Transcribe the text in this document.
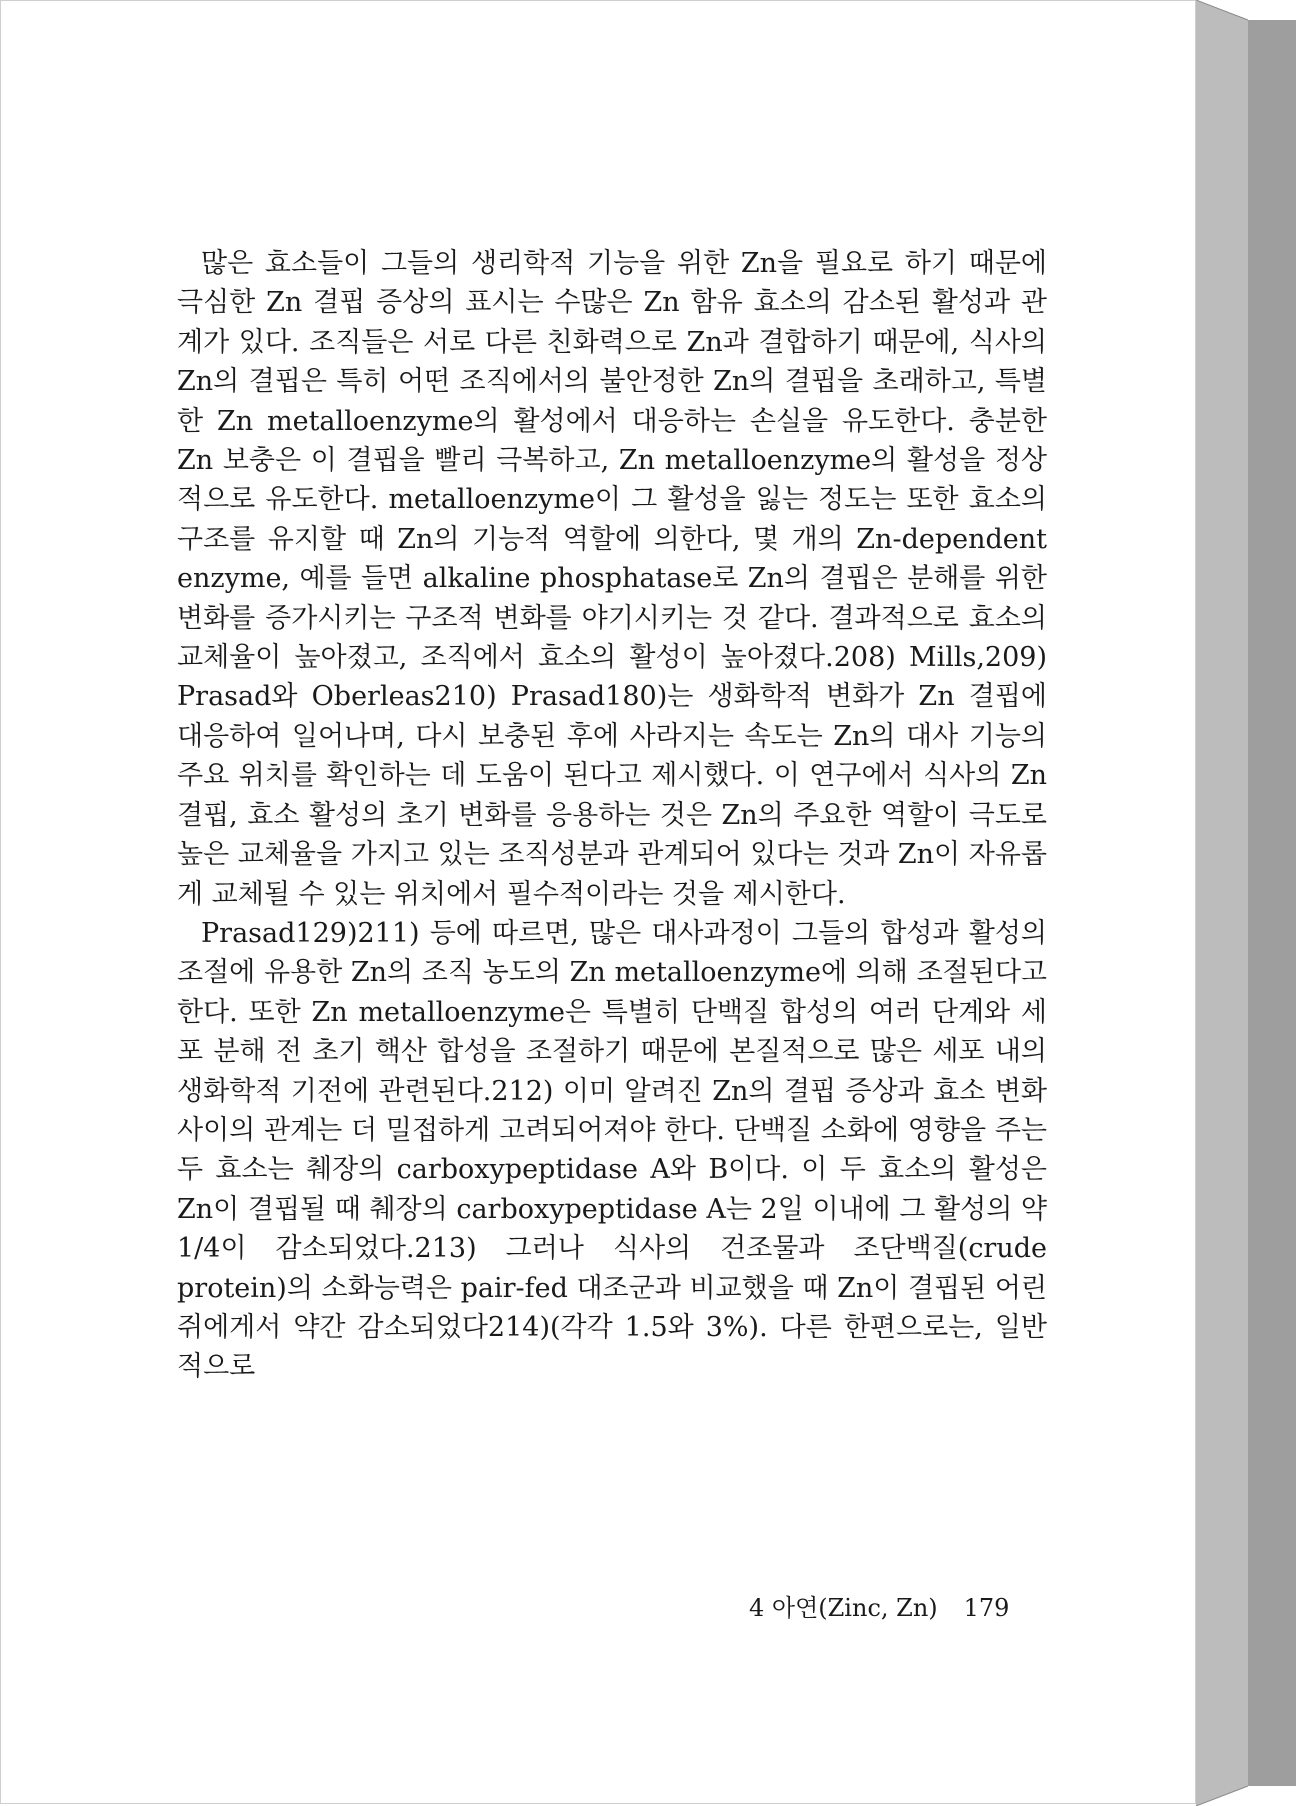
많은 효소들이 그들의 생리학적 기능을 위한 Zn을 필요로 하기 때문에 극심한 Zn 결핍 증상의 표시는 수많은 Zn 함유 효소의 감소된 활성과 관계가 있다. 조직들은 서로 다른 친화력으로 Zn과 결합하기 때문에, 식사의 Zn의 결핍은 특히 어떤 조직에서의 불안정한 Zn의 결핍을 초래하고, 특별한 Zn metalloenzyme의 활성에서 대응하는 손실을 유도한다. 충분한 Zn 보충은 이 결핍을 빨리 극복하고, Zn metalloenzyme의 활성을 정상적으로 유도한다. metalloenzyme이 그 활성을 잃는 정도는 또한 효소의 구조를 유지할 때 Zn의 기능적 역할에 의한다, 몇 개의 Zn-dependent enzyme, 예를 들면 alkaline phosphatase로 Zn의 결핍은 분해를 위한 변화를 증가시키는 구조적 변화를 야기시키는 것 같다. 결과적으로 효소의 교체율이 높아졌고, 조직에서 효소의 활성이 높아졌다.208) Mills,209) Prasad와 Oberleas210) Prasad180)는 생화학적 변화가 Zn 결핍에 대응하여 일어나며, 다시 보충된 후에 사라지는 속도는 Zn의 대사 기능의 주요 위치를 확인하는 데 도움이 된다고 제시했다. 이 연구에서 식사의 Zn 결핍, 효소 활성의 초기 변화를 응용하는 것은 Zn의 주요한 역할이 극도로 높은 교체율을 가지고 있는 조직성분과 관계되어 있다는 것과 Zn이 자유롭게 교체될 수 있는 위치에서 필수적이라는 것을 제시한다.

Prasad129)211) 등에 따르면, 많은 대사과정이 그들의 합성과 활성의 조절에 유용한 Zn의 조직 농도의 Zn metalloenzyme에 의해 조절된다고 한다. 또한 Zn metalloenzyme은 특별히 단백질 합성의 여러 단계와 세포 분해 전 초기 핵산 합성을 조절하기 때문에 본질적으로 많은 세포 내의 생화학적 기전에 관련된다.212) 이미 알려진 Zn의 결핍 증상과 효소 변화 사이의 관계는 더 밀접하게 고려되어져야 한다. 단백질 소화에 영향을 주는 두 효소는 췌장의 carboxypeptidase A와 B이다. 이 두 효소의 활성은 Zn이 결핍될 때 췌장의 carboxypeptidase A는 2일 이내에 그 활성의 약 1/4이 감소되었다.213) 그러나 식사의 건조물과 조단백질(crude protein)의 소화능력은 pair-fed 대조군과 비교했을 때 Zn이 결핍된 어린 쥐에게서 약간 감소되었다214)(각각 1.5와 3%). 다른 한편으로는, 일반적으로

4 아연(Zinc, Zn) 179
